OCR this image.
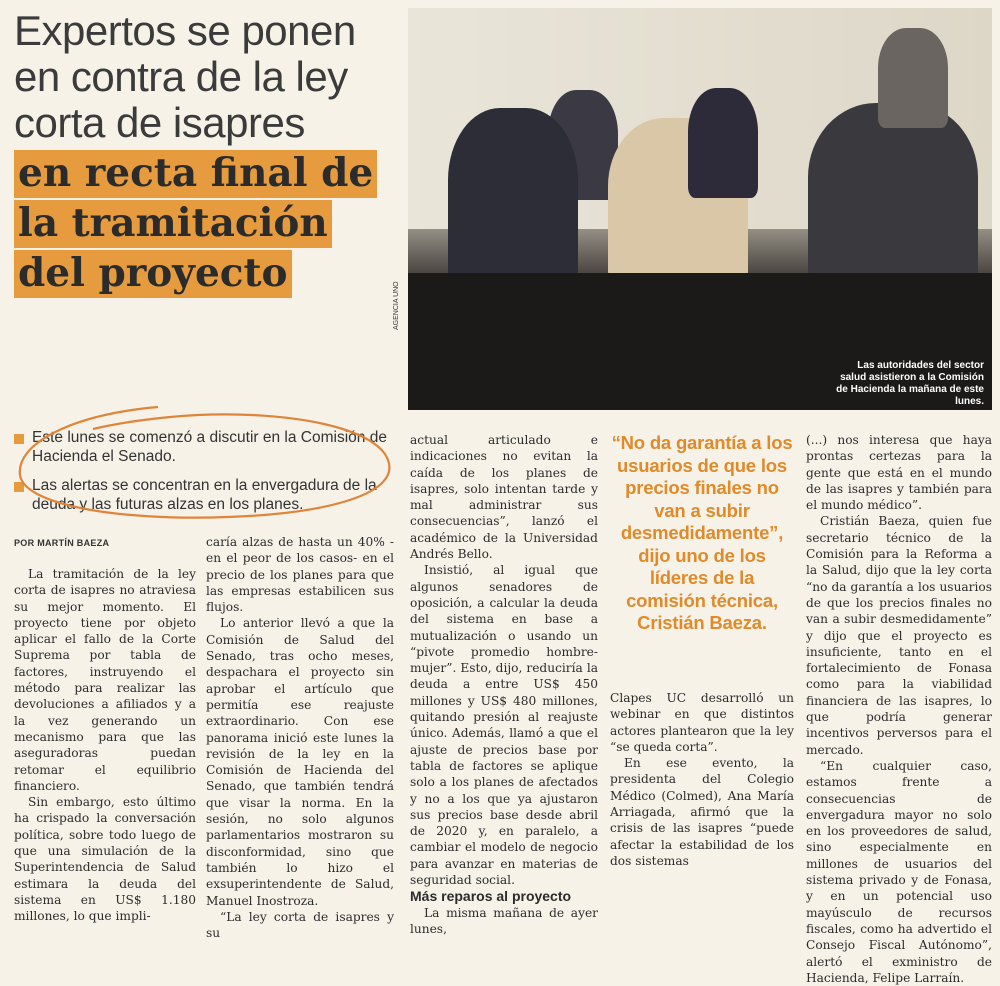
Expertos se ponen

en contra de la ley

corta de isapres

en recta final de

la tramitación

del proyecto

Las autoridades del sector salud asistieron a la Comisión de Hacienda la mañana de este lunes.
AGENCIA UNO
Este lunes se comenzó a discutir en la Comisión de Hacienda el Senado.
Las alertas se concentran en la envergadura de la deuda y las futuras alzas en los planes.
POR MARTÍN BAEZA

La tramitación de la ley corta de isapres no atraviesa su mejor momento. El proyecto tiene por objeto aplicar el fallo de la Corte Suprema por tabla de factores, instruyendo el método para realizar las devoluciones a afiliados y a la vez generando un mecanismo para que las aseguradoras puedan retomar el equilibrio financiero.

Sin embargo, esto último ha crispado la conversación política, sobre todo luego de que una simulación de la Superintendencia de Salud estimara la deuda del sistema en US$ 1.180 millones, lo que impli-

caría alzas de hasta un 40% -en el peor de los casos- en el precio de los planes para que las empresas estabilicen sus flujos.

Lo anterior llevó a que la Comisión de Salud del Senado, tras ocho meses, despachara el proyecto sin aprobar el artículo que permitía ese reajuste extraordinario. Con ese panorama inició este lunes la revisión de la ley en la Comisión de Hacienda del Senado, que también tendrá que visar la norma. En la sesión, no solo algunos parlamentarios mostraron su disconformidad, sino que también lo hizo el exsuperintendente de Salud, Manuel Inostroza.

“La ley corta de isapres y su

actual articulado e indicaciones no evitan la caída de los planes de isapres, solo intentan tarde y mal administrar sus consecuencias”, lanzó el académico de la Universidad Andrés Bello.

Insistió, al igual que algunos senadores de oposición, a calcular la deuda del sistema en base a mutualización o usando un “pivote promedio hombre-mujer”. Esto, dijo, reduciría la deuda a entre US$ 450 millones y US$ 480 millones, quitando presión al reajuste único. Además, llamó a que el ajuste de precios base por tabla de factores se aplique solo a los planes de afectados y no a los que ya ajustaron sus precios base desde abril de 2020 y, en paralelo, a cambiar el modelo de negocio para avanzar en materias de seguridad social.

Más reparos al proyecto

La misma mañana de ayer lunes,

“No da garantía a los usuarios de que los precios finales no van a subir desmedidamente”, dijo uno de los líderes de la comisión técnica, Cristián Baeza.

Clapes UC desarrolló un webinar en que distintos actores plantearon que la ley “se queda corta”.

En ese evento, la presidenta del Colegio Médico (Colmed), Ana María Arriagada, afirmó que la crisis de las isapres “puede afectar la estabilidad de los dos sistemas

(...) nos interesa que haya prontas certezas para la gente que está en el mundo de las isapres y también para el mundo médico”.

Cristián Baeza, quien fue secretario técnico de la Comisión para la Reforma a la Salud, dijo que la ley corta “no da garantía a los usuarios de que los precios finales no van a subir desmedidamente” y dijo que el proyecto es insuficiente, tanto en el fortalecimiento de Fonasa como para la viabilidad financiera de las isapres, lo que podría generar incentivos perversos para el mercado.

“En cualquier caso, estamos frente a consecuencias de envergadura mayor no solo en los proveedores de salud, sino especialmente en millones de usuarios del sistema privado y de Fonasa, y en un potencial uso mayúsculo de recursos fiscales, como ha advertido el Consejo Fiscal Autónomo”, alertó el exministro de Hacienda, Felipe Larraín.
